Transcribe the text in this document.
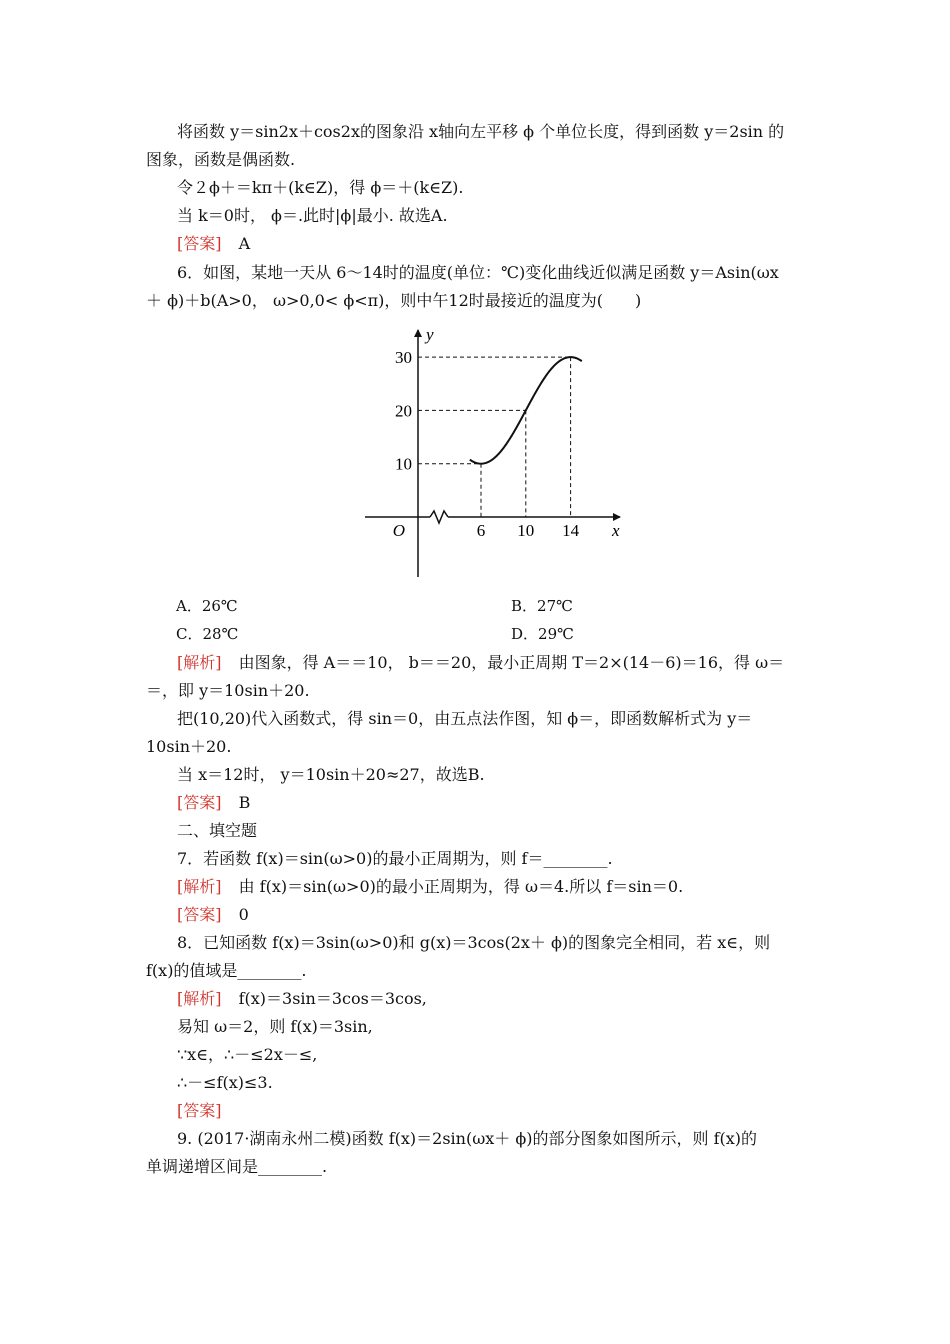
将函数 y＝sin2x＋cos2x的图象沿 x轴向左平移 ϕ 个单位长度，得到函数 y＝2sin 的
图象，函数是偶函数.
令２ϕ＋＝kπ＋(k∈Z)，得 ϕ＝＋(k∈Z).
当 k＝0时， ϕ＝.此时|ϕ|最小. 故选A.
[答案] A
6．如图，某地一天从 6～14时的温度(单位：℃)变化曲线近似满足函数 y＝Asin(ωx
＋ ϕ)＋b(A>0， ω>0,0< ϕ<π)，则中午12时最接近的温度为(　　)
6 10 14
10
20
30
O	x
y
A．26℃	B．27℃
C．28℃	D．29℃
[解析] 由图象，得 A＝＝10， b＝＝20，最小正周期 T＝2×(14－6)＝16，得 ω＝
＝，即 y＝10sin＋20.
把(10,20)代入函数式，得 sin＝0，由五点法作图，知 ϕ＝，即函数解析式为 y＝
10sin＋20.
当 x＝12时， y＝10sin＋20≈27，故选B.
[答案] B
二、填空题
7．若函数 f(x)＝sin(ω>0)的最小正周期为，则 f＝________.
[解析] 由 f(x)＝sin(ω>0)的最小正周期为，得 ω＝4.所以 f＝sin＝0.
[答案] 0
8．已知函数 f(x)＝3sin(ω>0)和 g(x)＝3cos(2x＋ ϕ)的图象完全相同，若 x∈，则
f(x)的值域是________.
[解析] f(x)＝3sin＝3cos＝3cos,
易知 ω＝2，则 f(x)＝3sin,
∵x∈，∴－≤2x－≤,
∴－≤f(x)≤3.
[答案]
9. (2017·湖南永州二模)函数 f(x)＝2sin(ωx＋ ϕ)的部分图象如图所示，则 f(x)的
单调递增区间是________.
